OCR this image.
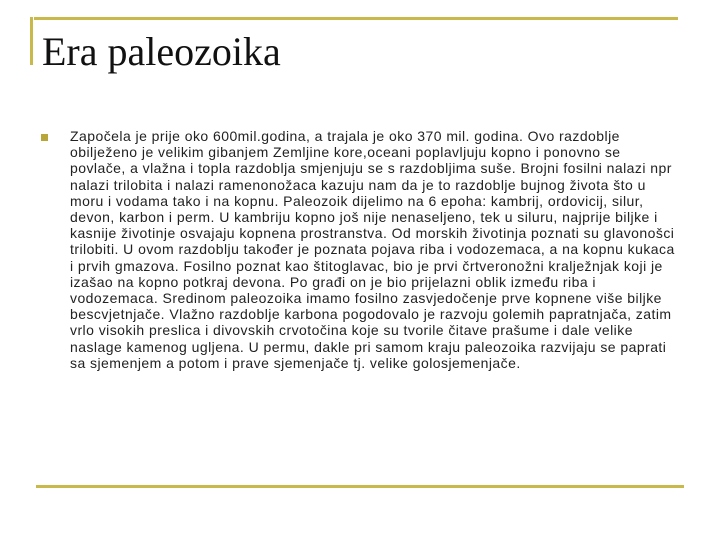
Era paleozoika
Započela je prije oko 600mil.godina, a trajala je oko 370 mil. godina. Ovo razdoblje obilježeno je velikim gibanjem Zemljine kore,oceani poplavljuju kopno i ponovno se povlače, a vlažna i topla razdoblja smjenjuju se s razdobljima suše. Brojni fosilni nalazi npr nalazi trilobita i nalazi ramenonožaca kazuju nam da je to razdoblje bujnog života što u moru i vodama tako i na kopnu. Paleozoik dijelimo na 6 epoha: kambrij, ordovicij, silur, devon, karbon i perm. U kambriju kopno još nije nenaseljeno, tek u siluru, najprije biljke i kasnije životinje osvajaju kopnena prostranstva. Od morskih životinja poznati su glavonošci trilobiti. U ovom razdoblju također je poznata pojava riba i vodozemaca, a na kopnu kukaca i prvih gmazova. Fosilno poznat kao štitoglavac, bio je prvi črtveronožni kralježnjak koji je izašao na kopno potkraj devona. Po građi on je bio prijelazni oblik između riba i vodozemaca. Sredinom paleozoika imamo fosilno zasvjedočenje prve kopnene više biljke bescvjetnjače. Vlažno razdoblje karbona pogodovalo je razvoju golemih papratnjača, zatim vrlo visokih preslica i divovskih crvotočina koje su tvorile čitave prašume i dale velike naslage kamenog ugljena. U permu, dakle pri samom kraju paleozoika razvijaju se paprati sa sjemenjem a potom i prave sjemenjače tj. velike golosjemenjače.
